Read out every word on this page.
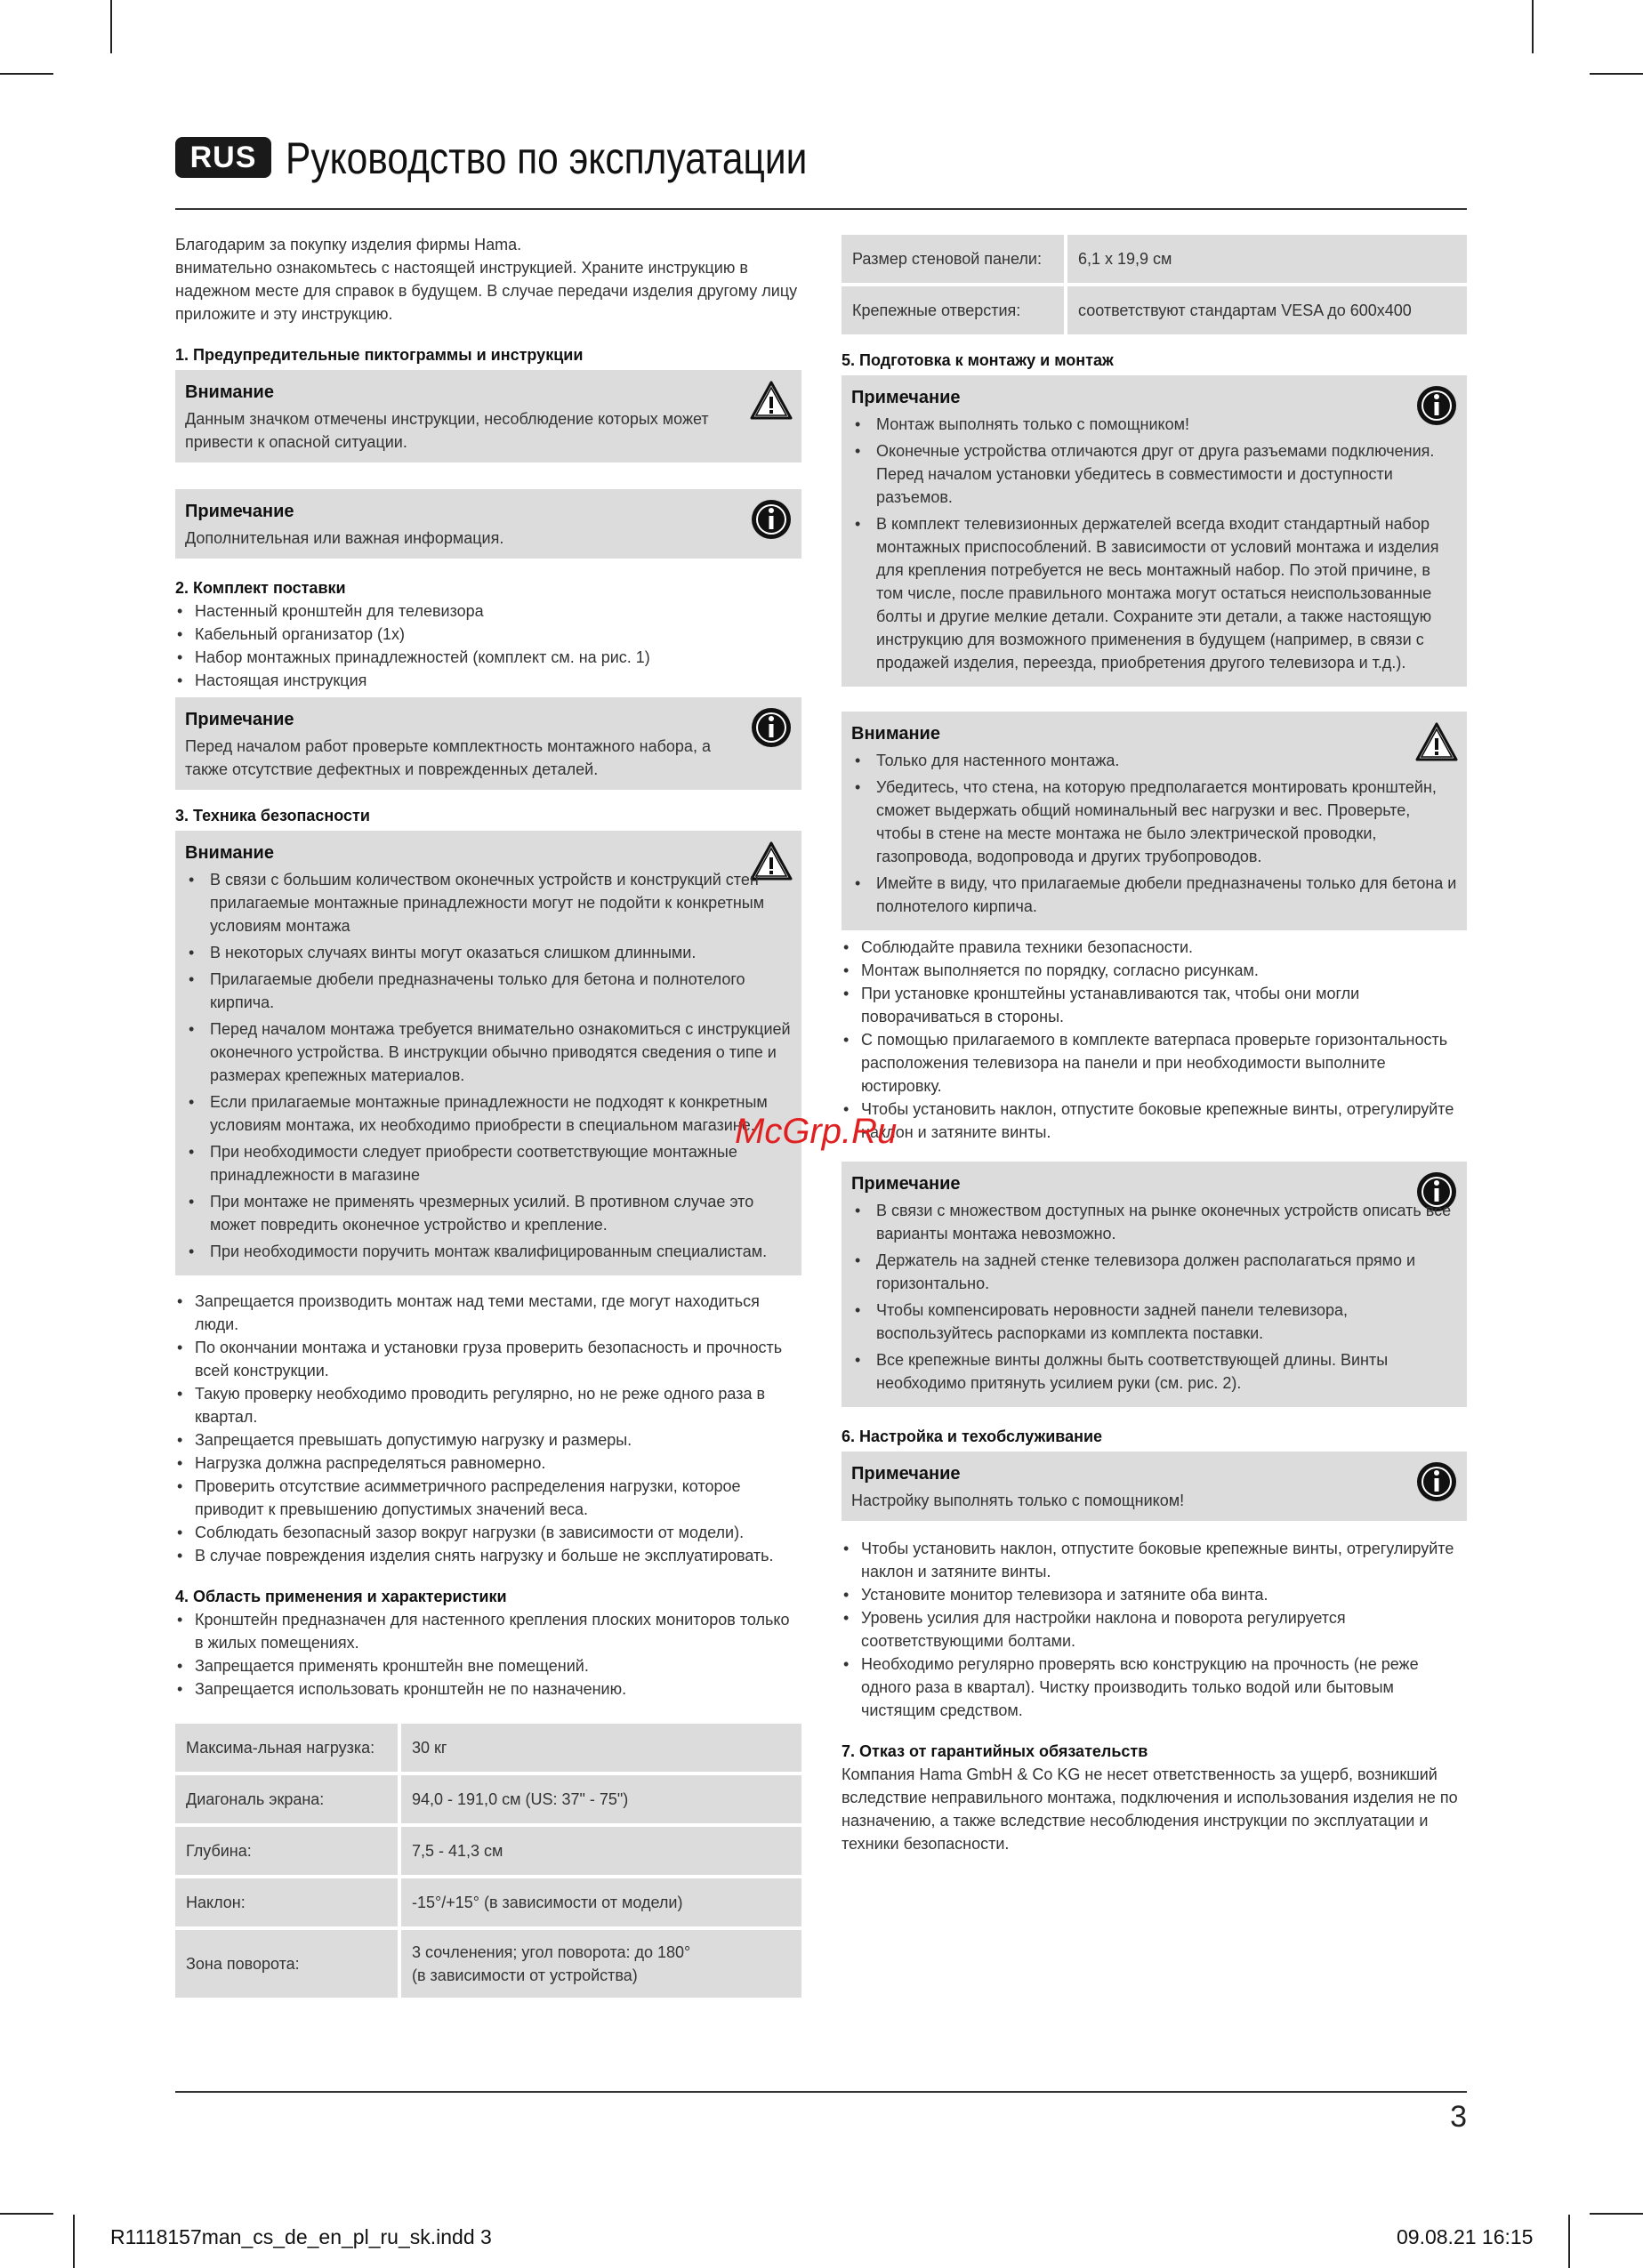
RUS Руководство по эксплуатации

Благодарим за покупку изделия фирмы Hama.

внимательно ознакомьтесь с настоящей инструкцией. Храните инструкцию в надежном месте для справок в будущем. В случае передачи изделия другому лицу приложите и эту инструкцию.

1. Предупредительные пиктограммы и инструкции

Внимание
Данным значком отмечены инструкции, несоблюдение которых может привести к опасной ситуации.
Примечание
Дополнительная или важная информация.

2. Комплект поставки

• Настенный кронштейн для телевизора
• Кабельный организатор (1x)
• Набор монтажных принадлежностей (комплект см. на рис. 1)
• Настоящая инструкция
Примечание
Перед началом работ проверьте комплектность монтажного набора, а также отсутствие дефектных и поврежденных деталей.

3. Техника безопасности

Внимание
• В связи с большим количеством оконечных устройств и конструкций стен прилагаемые монтажные принадлежности могут не подойти к конкретным условиям монтажа
• В некоторых случаях винты могут оказаться слишком длинными.
• Прилагаемые дюбели предназначены только для бетона и полнотелого кирпича.
• Перед началом монтажа требуется внимательно ознакомиться с инструкцией оконечного устройства. В инструкции обычно приводятся сведения о типе и размерах крепежных материалов.
• Если прилагаемые монтажные принадлежности не подходят к конкретным условиям монтажа, их необходимо приобрести в специальном магазине.
• При необходимости следует приобрести соответствующие монтажные принадлежности в магазине
• При монтаже не применять чрезмерных усилий. В противном случае это может повредить оконечное устройство и крепление.
• При необходимости поручить монтаж квалифицированным специалистам.
• Запрещается производить монтаж над теми местами, где могут находиться люди.
• По окончании монтажа и установки груза проверить безопасность и прочность всей конструкции.
• Такую проверку необходимо проводить регулярно, но не реже одного раза в квартал.
• Запрещается превышать допустимую нагрузку и размеры.
• Нагрузка должна распределяться равномерно.
• Проверить отсутствие асимметричного распределения нагрузки, которое приводит к превышению допустимых значений веса.
• Соблюдать безопасный зазор вокруг нагрузки (в зависимости от модели).
• В случае повреждения изделия снять нагрузку и больше не эксплуатировать.

4. Область применения и характеристики

• Кронштейн предназначен для настенного крепления плоских мониторов только в жилых помещениях.
• Запрещается применять кронштейн вне помещений.
• Запрещается использовать кронштейн не по назначению.
Максима-льная нагрузка:	30 кг
Диагональ экрана:	94,0 - 191,0 см (US: 37" - 75")
Глубина:	7,5 - 41,3 см
Наклон:	-15°/+15° (в зависимости от модели)
Зона поворота:	3 сочленения; угол поворота: до 180°
(в зависимости от устройства)
Размер стеновой панели:	6,1 x 19,9 см
Крепежные отверстия:	соответствуют стандартам VESA до 600x400

5. Подготовка к монтажу и монтаж

Примечание
• Монтаж выполнять только с помощником!
• Оконечные устройства отличаются друг от друга разъемами подключения. Перед началом установки убедитесь в совместимости и доступности разъемов.
• В комплект телевизионных держателей всегда входит стандартный набор монтажных приспособлений. В зависимости от условий монтажа и изделия для крепления потребуется не весь монтажный набор. По этой причине, в том числе, после правильного монтажа могут остаться неиспользованные болты и другие мелкие детали. Сохраните эти детали, а также настоящую инструкцию для возможного применения в будущем (например, в связи с продажей изделия, переезда, приобретения другого телевизора и т.д.).
Внимание
• Только для настенного монтажа.
• Убедитесь, что стена, на которую предполагается монтировать кронштейн, сможет выдержать общий номинальный вес нагрузки и вес. Проверьте, чтобы в стене на месте монтажа не было электрической проводки, газопровода, водопровода и других трубопроводов.
• Имейте в виду, что прилагаемые дюбели предназначены только для бетона и полнотелого кирпича.
• Соблюдайте правила техники безопасности.
• Монтаж выполняется по порядку, согласно рисункам.
• При установке кронштейны устанавливаются так, чтобы они могли поворачиваться в стороны.
• С помощью прилагаемого в комплекте ватерпаса проверьте горизонтальность расположения телевизора на панели и при необходимости выполните юстировку.
• Чтобы установить наклон, отпустите боковые крепежные винты, отрегулируйте наклон и затяните винты.
Примечание
• В связи с множеством доступных на рынке оконечных устройств описать все варианты монтажа невозможно.
• Держатель на задней стенке телевизора должен располагаться прямо и горизонтально.
• Чтобы компенсировать неровности задней панели телевизора, воспользуйтесь распорками из комплекта поставки.
• Все крепежные винты должны быть соответствующей длины. Винты необходимо притянуть усилием руки (см. рис. 2).

6. Настройка и техобслуживание

Примечание
Настройку выполнять только с помощником!
• Чтобы установить наклон, отпустите боковые крепежные винты, отрегулируйте наклон и затяните винты.
• Установите монитор телевизора и затяните оба винта.
• Уровень усилия для настройки наклона и поворота регулируется соответствующими болтами.
• Необходимо регулярно проверять всю конструкцию на прочность (не реже одного раза в квартал). Чистку производить только водой или бытовым чистящим средством.

7. Отказ от гарантийных обязательств

Компания Hama GmbH & Co KG не несет ответственность за ущерб, возникший вследствие неправильного монтажа, подключения и использования изделия не по назначению, а также вследствие несоблюдения инструкции по эксплуатации и техники безопасности.

McGrp.Ru
3
R1118157man_cs_de_en_pl_ru_sk.indd 3	09.08.21 16:15
